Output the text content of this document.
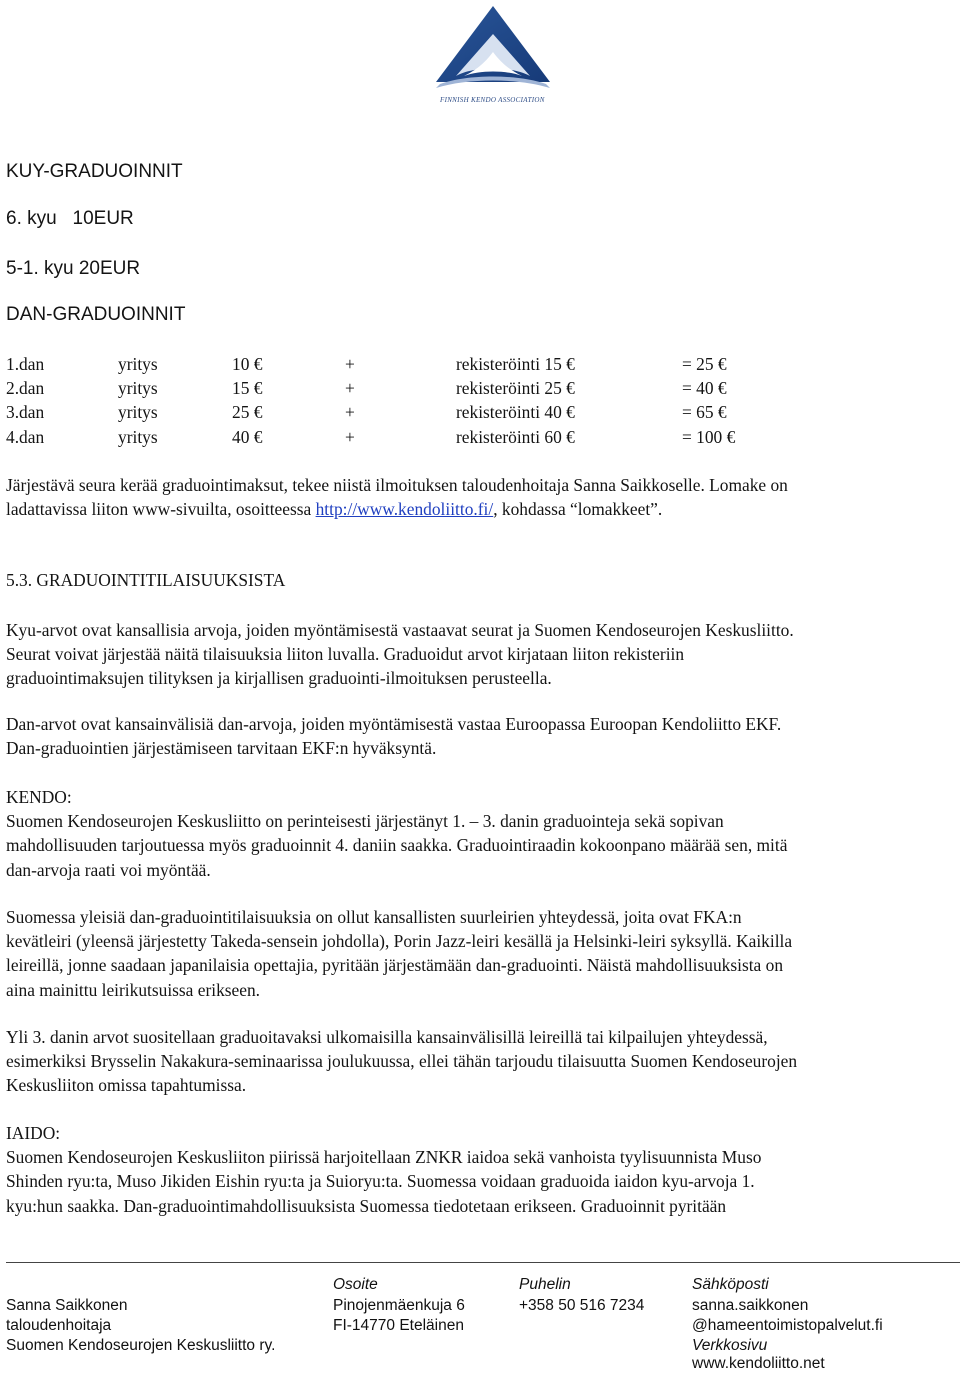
FINNISH KENDO ASSOCIATION
KUY-GRADUOINNIT
6. kyu   10EUR
5-1. kyu 20EUR
DAN-GRADUOINNIT
1.dan	yritys	10 €	+	rekisteröinti 15 €	= 25 €
2.dan	yritys	15 €	+	rekisteröinti 25 €	= 40 €
3.dan	yritys	25 €	+	rekisteröinti 40 €	= 65 €
4.dan	yritys	40 €	+	rekisteröinti 60 €	= 100 €
Järjestävä seura kerää graduointimaksut, tekee niistä ilmoituksen taloudenhoitaja Sanna Saikkoselle. Lomake on
ladattavissa liiton www-sivuilta, osoitteessa http://www.kendoliitto.fi/, kohdassa “lomakkeet”.
5.3. GRADUOINTITILAISUUKSISTA
Kyu-arvot ovat kansallisia arvoja, joiden myöntämisestä vastaavat seurat ja Suomen Kendoseurojen Keskusliitto.
Seurat voivat järjestää näitä tilaisuuksia liiton luvalla. Graduoidut arvot kirjataan liiton rekisteriin
graduointimaksujen tilityksen ja kirjallisen graduointi-ilmoituksen perusteella.
Dan-arvot ovat kansainvälisiä dan-arvoja, joiden myöntämisestä vastaa Euroopassa Euroopan Kendoliitto EKF.
Dan-graduointien järjestämiseen tarvitaan EKF:n hyväksyntä.
KENDO:
Suomen Kendoseurojen Keskusliitto on perinteisesti järjestänyt 1. – 3. danin graduointeja sekä sopivan
mahdollisuuden tarjoutuessa myös graduoinnit 4. daniin saakka. Graduointiraadin kokoonpano määrää sen, mitä
dan-arvoja raati voi myöntää.
Suomessa yleisiä dan-graduointitilaisuuksia on ollut kansallisten suurleirien yhteydessä, joita ovat FKA:n
kevätleiri (yleensä järjestetty Takeda-sensein johdolla), Porin Jazz-leiri kesällä ja Helsinki-leiri syksyllä. Kaikilla
leireillä, jonne saadaan japanilaisia opettajia, pyritään järjestämään dan-graduointi. Näistä mahdollisuuksista on
aina mainittu leirikutsuissa erikseen.
Yli 3. danin arvot suositellaan graduoitavaksi ulkomaisilla kansainvälisillä leireillä tai kilpailujen yhteydessä,
esimerkiksi Brysselin Nakakura-seminaarissa joulukuussa, ellei tähän tarjoudu tilaisuutta Suomen Kendoseurojen
Keskusliiton omissa tapahtumissa.
IAIDO:
Suomen Kendoseurojen Keskusliiton piirissä harjoitellaan ZNKR iaidoa sekä vanhoista tyylisuunnista Muso
Shinden ryu:ta, Muso Jikiden Eishin ryu:ta ja Suioryu:ta. Suomessa voidaan graduoida iaidon kyu-arvoja 1.
kyu:hun saakka. Dan-graduointimahdollisuuksista Suomessa tiedotetaan erikseen. Graduoinnit pyritään
Sanna Saikkonen
taloudenhoitaja
Suomen Kendoseurojen Keskusliitto ry.
Osoite
Pinojenmäenkuja 6
FI-14770 Eteläinen
Puhelin
+358 50 516 7234
Sähköposti
sanna.saikkonen
@hameentoimistopalvelut.fi
Verkkosivu
www.kendoliitto.net
